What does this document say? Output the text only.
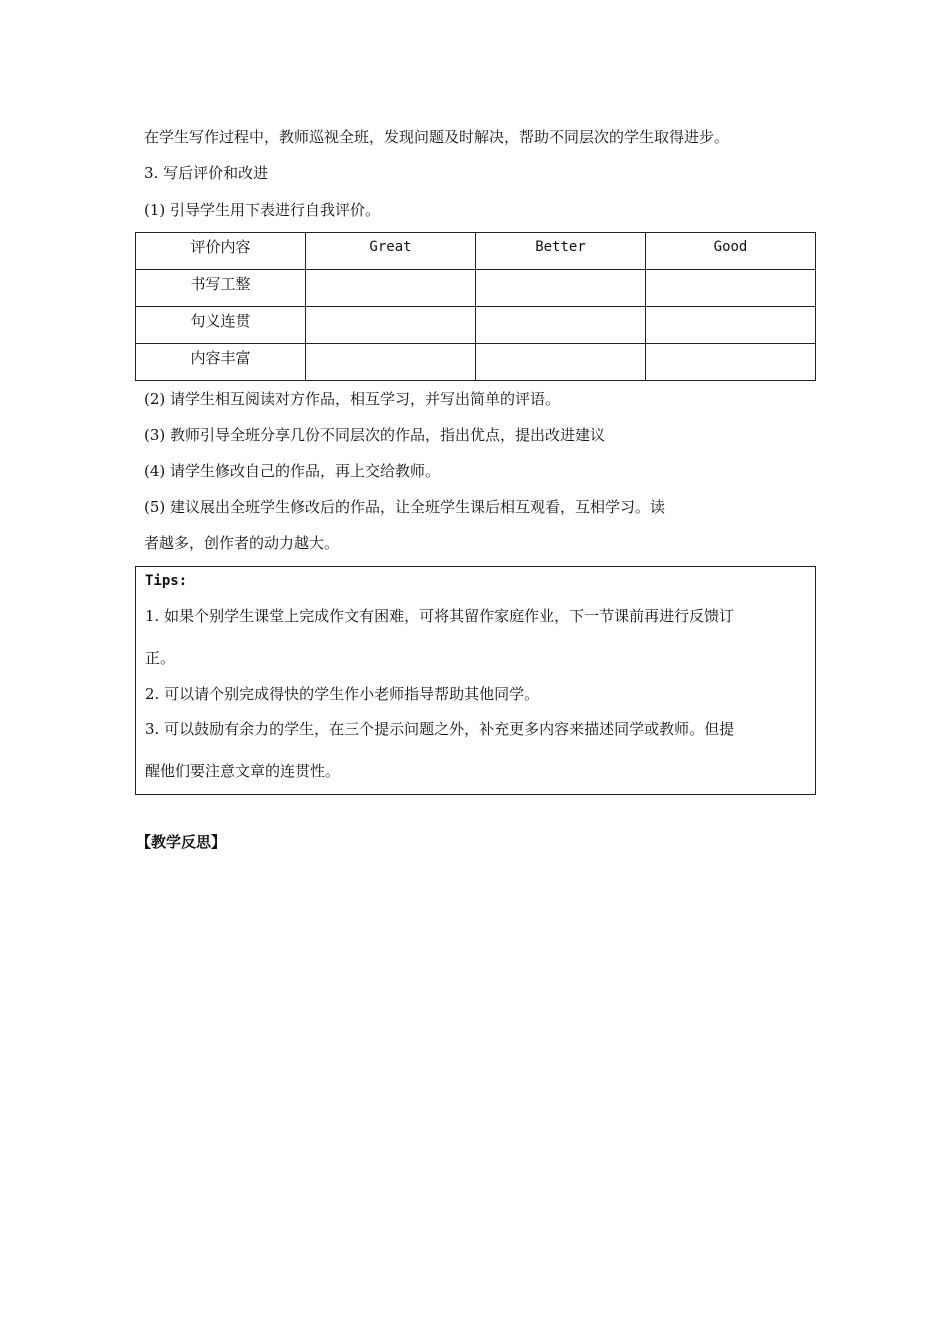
在学生写作过程中，教师巡视全班，发现问题及时解决，帮助不同层次的学生取得进步。
3. 写后评价和改进
(1) 引导学生用下表进行自我评价。
评价内容	Great	Better	Good
书写工整			
句义连贯			
内容丰富			
(2) 请学生相互阅读对方作品，相互学习，并写出简单的评语。
(3) 教师引导全班分享几份不同层次的作品，指出优点，提出改进建议
(4) 请学生修改自己的作品，再上交给教师。
(5) 建议展出全班学生修改后的作品，让全班学生课后相互观看，互相学习。读
者越多，创作者的动力越大。
Tips:
1. 如果个别学生课堂上完成作文有困难，可将其留作家庭作业，下一节课前再进行反馈订
正。
2. 可以请个别完成得快的学生作小老师指导帮助其他同学。
3. 可以鼓励有余力的学生，在三个提示问题之外，补充更多内容来描述同学或教师。但提
醒他们要注意文章的连贯性。
【教学反思】
